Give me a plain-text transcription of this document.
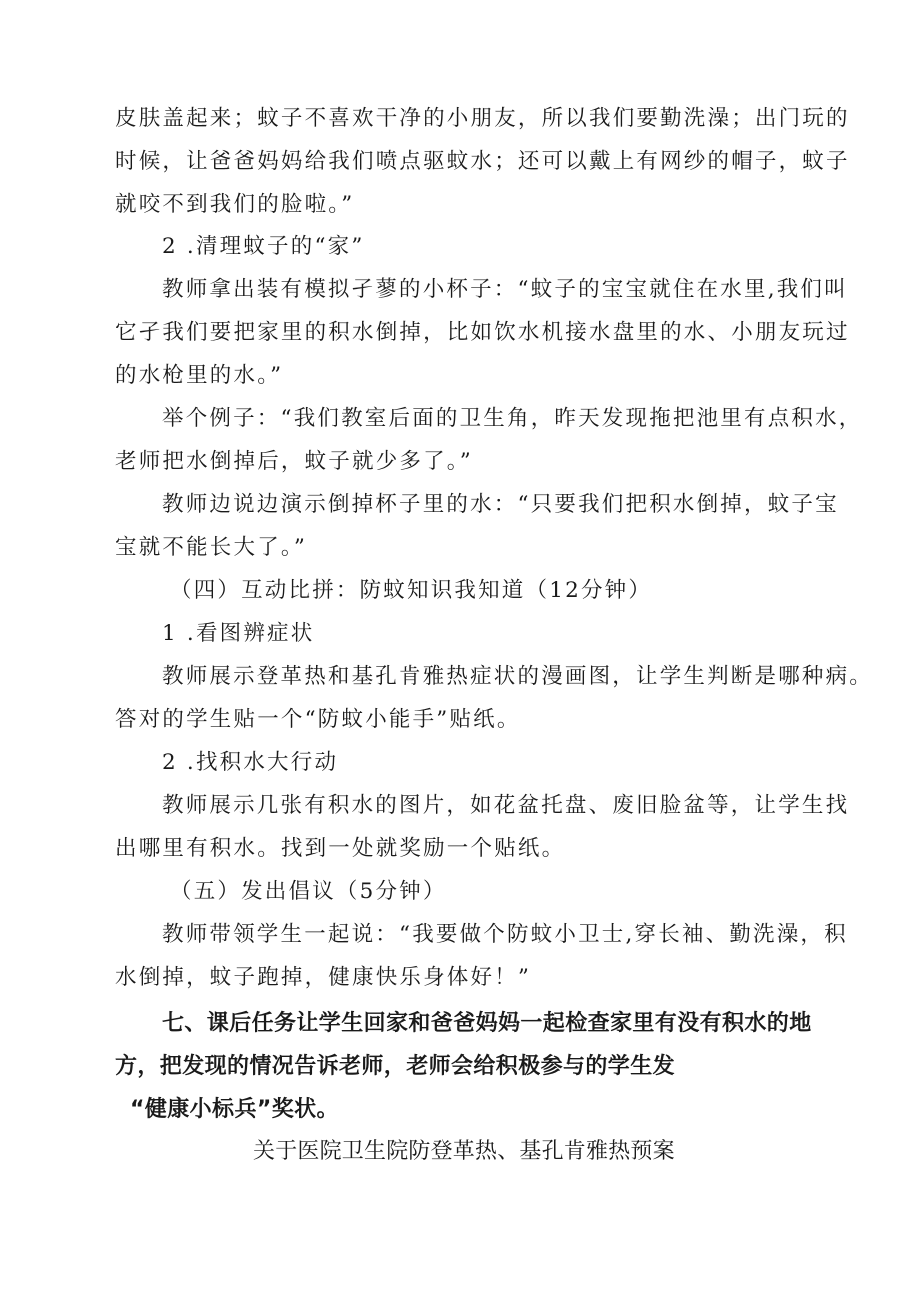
皮肤盖起来；蚊子不喜欢干净的小朋友，所以我们要勤洗澡；出门玩的
时候，让爸爸妈妈给我们喷点驱蚊水；还可以戴上有网纱的帽子，蚊子
就咬不到我们的脸啦。”
2 .清理蚊子的“家”
教师拿出装有模拟孑蓼的小杯子：“蚊子的宝宝就住在水里,我们叫
它孑我们要把家里的积水倒掉，比如饮水机接水盘里的水、小朋友玩过
的水枪里的水。”
举个例子：“我们教室后面的卫生角，昨天发现拖把池里有点积水，
老师把水倒掉后，蚊子就少多了。”
教师边说边演示倒掉杯子里的水：“只要我们把积水倒掉，蚊子宝
宝就不能长大了。”
（四）互动比拼：防蚊知识我知道（12分钟）
1 .看图辨症状
教师展示登革热和基孔肯雅热症状的漫画图，让学生判断是哪种病。
答对的学生贴一个“防蚊小能手”贴纸。
2 .找积水大行动
教师展示几张有积水的图片，如花盆托盘、废旧脸盆等，让学生找
出哪里有积水。找到一处就奖励一个贴纸。
（五）发出倡议（5分钟）
教师带领学生一起说：“我要做个防蚊小卫士,穿长袖、勤洗澡，积
水倒掉，蚊子跑掉，健康快乐身体好！”
七、课后任务让学生回家和爸爸妈妈一起检查家里有没有积水的地
方，把发现的情况告诉老师，老师会给积极参与的学生发
“健康小标兵”奖状。
关于医院卫生院防登革热、基孔肯雅热预案
